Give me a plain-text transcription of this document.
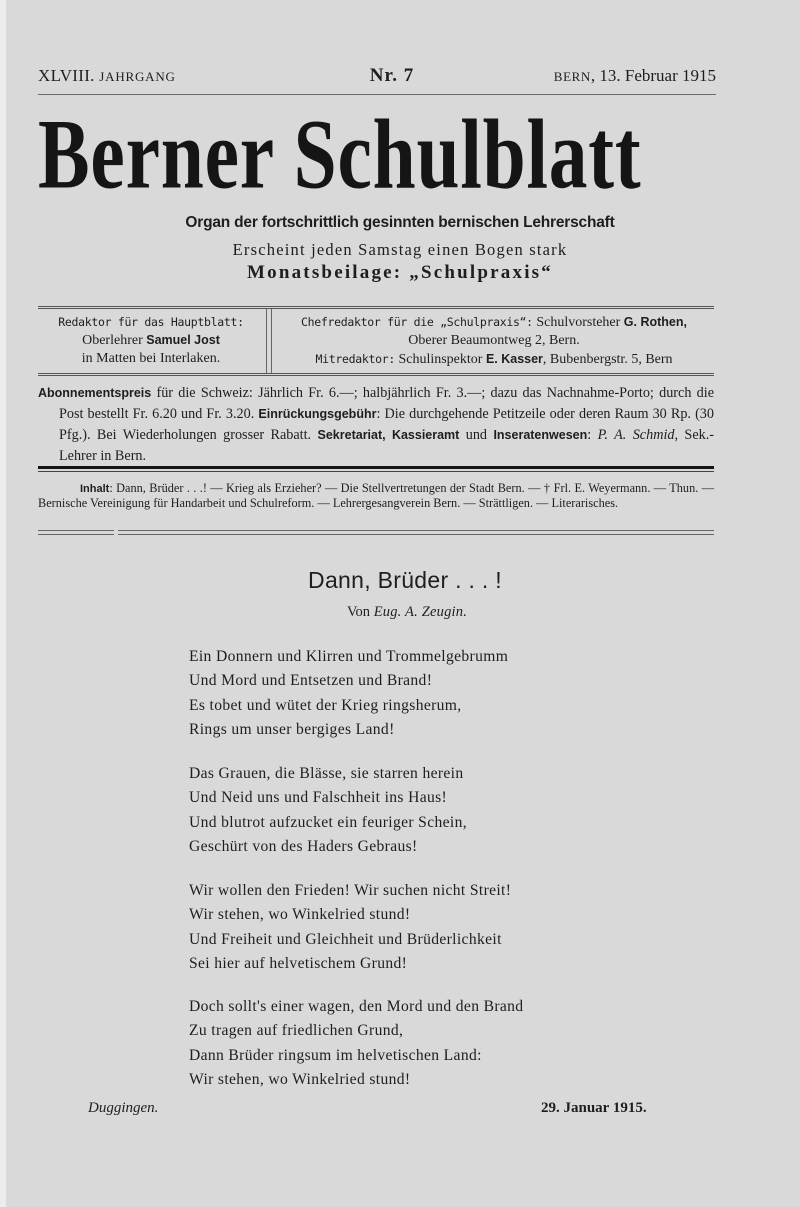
XLVIII. JAHRGANG	Nr. 7	BERN, 13. Februar 1915
Berner Schulblatt
Organ der fortschrittlich gesinnten bernischen Lehrerschaft
Erscheint jeden Samstag einen Bogen stark
Monatsbeilage: „Schulpraxis“
Redaktor für das Hauptblatt:
Oberlehrer Samuel Jost
in Matten bei Interlaken.
Chefredaktor für die „Schulpraxis“: Schulvorsteher G. Rothen,
Oberer Beaumontweg 2, Bern.
Mitredaktor: Schulinspektor E. Kasser, Bubenbergstr. 5, Bern

Abonnementspreis für die Schweiz: Jährlich Fr. 6.—; halbjährlich Fr. 3.—; dazu das Nachnahme-Porto; durch die Post bestellt Fr. 6.20 und Fr. 3.20. Einrückungsgebühr: Die durchgehende Petitzeile oder deren Raum 30 Rp. (30 Pfg.). Bei Wiederholungen grosser Rabatt. Sekretariat, Kassieramt und Inseratenwesen: P. A. Schmid, Sek.-Lehrer in Bern.

Inhalt: Dann, Brüder . . .! — Krieg als Erzieher? — Die Stellvertretungen der Stadt Bern. — † Frl. E. Weyermann. — Thun. — Bernische Vereinigung für Handarbeit und Schulreform. — Lehrergesangverein Bern. — Strättligen. — Literarisches.

Dann, Brüder . . . !
Von Eug. A. Zeugin.
Ein Donnern und Klirren und Trommelgebrumm
Und Mord und Entsetzen und Brand!
Es tobet und wütet der Krieg ringsherum,
Rings um unser bergiges Land!
Das Grauen, die Blässe, sie starren herein
Und Neid uns und Falschheit ins Haus!
Und blutrot aufzucket ein feuriger Schein,
Geschürt von des Haders Gebraus!
Wir wollen den Frieden! Wir suchen nicht Streit!
Wir stehen, wo Winkelried stund!
Und Freiheit und Gleichheit und Brüderlichkeit
Sei hier auf helvetischem Grund!
Doch sollt's einer wagen, den Mord und den Brand
Zu tragen auf friedlichen Grund,
Dann Brüder ringsum im helvetischen Land:
Wir stehen, wo Winkelried stund!
Duggingen.	29. Januar 1915.
